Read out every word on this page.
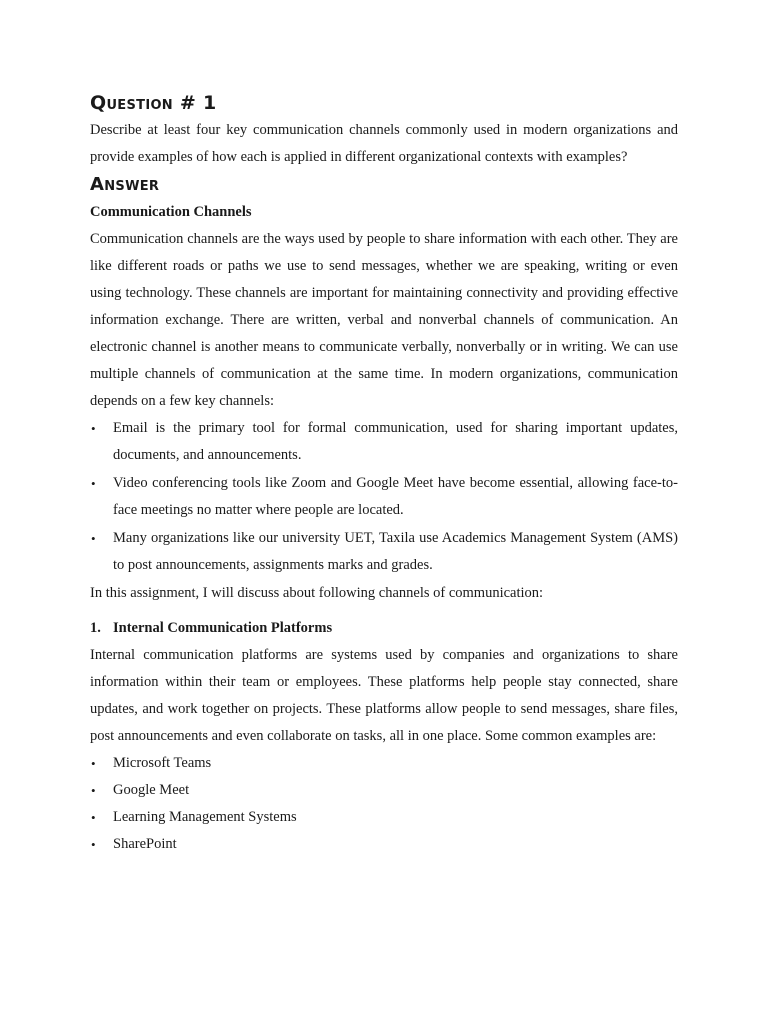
Question # 1

Describe at least four key communication channels commonly used in modern organizations and provide examples of how each is applied in different organizational contexts with examples?

Answer

Communication Channels

Communication channels are the ways used by people to share information with each other. They are like different roads or paths we use to send messages, whether we are speaking, writing or even using technology. These channels are important for maintaining connectivity and providing effective information exchange. There are written, verbal and nonverbal channels of communication. An electronic channel is another means to communicate verbally, nonverbally or in writing. We can use multiple channels of communication at the same time. In modern organizations, communication depends on a few key channels:

• Email is the primary tool for formal communication, used for sharing important updates, documents, and announcements.
• Video conferencing tools like Zoom and Google Meet have become essential, allowing face-to-face meetings no matter where people are located.
• Many organizations like our university UET, Taxila use Academics Management System (AMS) to post announcements, assignments marks and grades.

In this assignment, I will discuss about following channels of communication:

1. Internal Communication Platforms

Internal communication platforms are systems used by companies and organizations to share information within their team or employees. These platforms help people stay connected, share updates, and work together on projects. These platforms allow people to send messages, share files, post announcements and even collaborate on tasks, all in one place. Some common examples are:

• Microsoft Teams
• Google Meet
• Learning Management Systems
• SharePoint
